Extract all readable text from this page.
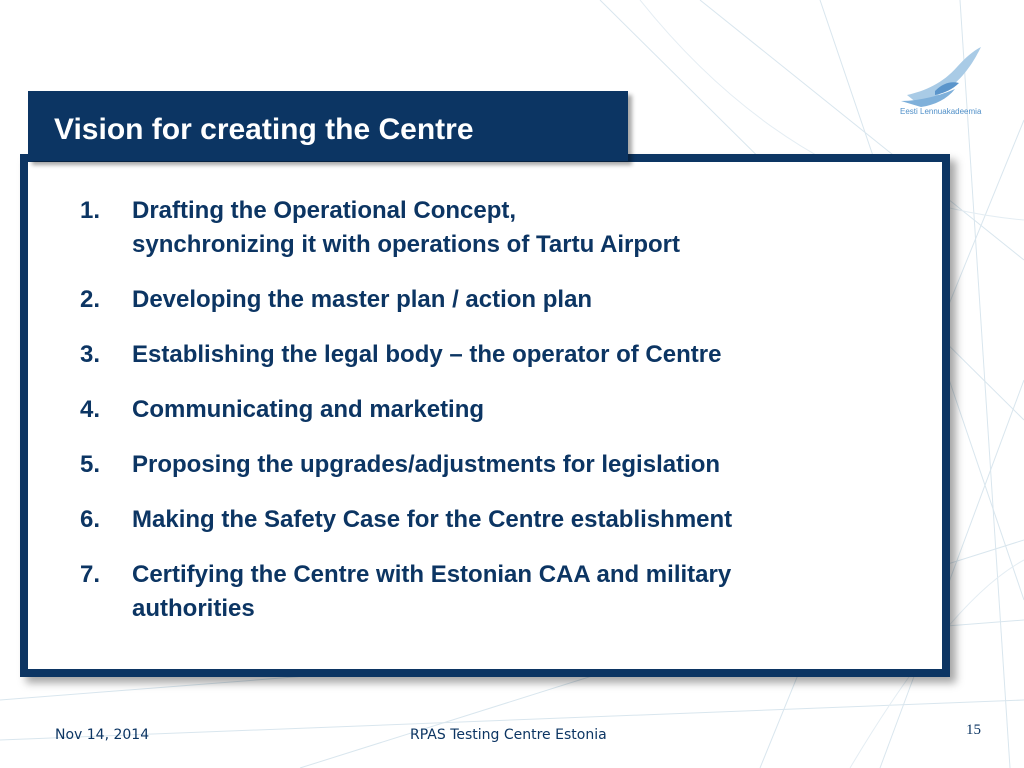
Eesti Lennuakadeemia
1. Drafting the Operational Concept,
synchronizing it with operations of Tartu Airport
2. Developing the master plan / action plan
3. Establishing the legal body – the operator of Centre
4. Communicating and marketing
5. Proposing the upgrades/adjustments for legislation
6. Making the Safety Case for the Centre establishment
7. Certifying the Centre with Estonian CAA and military
authorities
Vision for creating the Centre
Nov 14, 2014	RPAS Testing Centre Estonia	15
